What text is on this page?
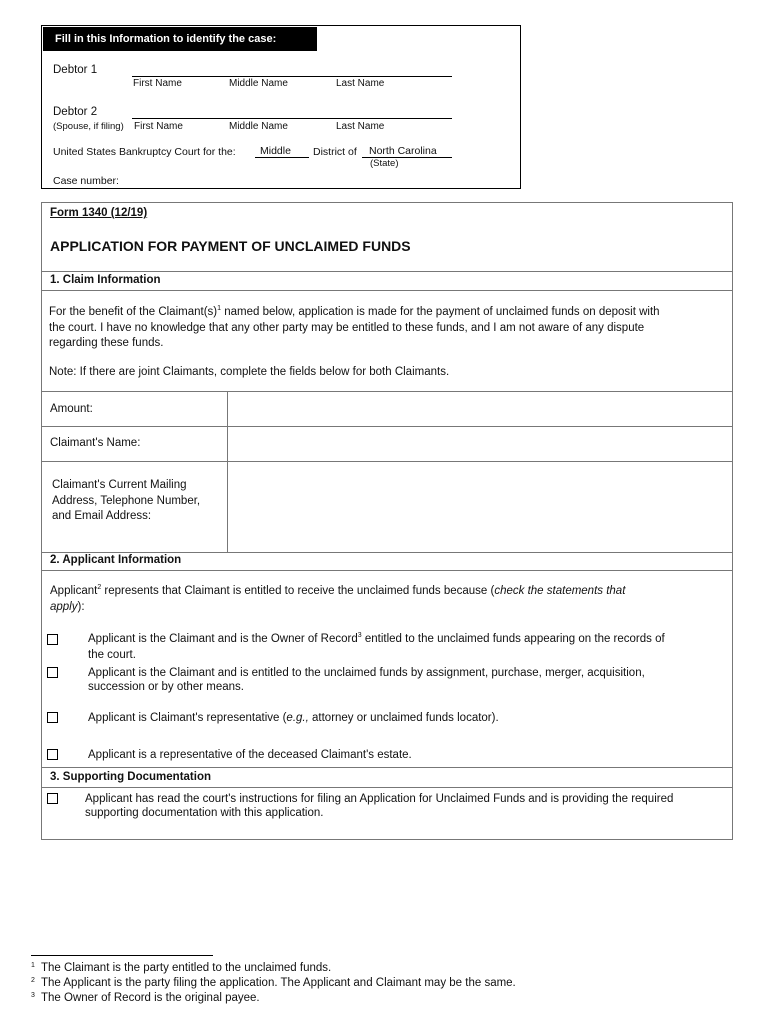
Fill in this Information to identify the case:
Debtor 1
First Name	Middle Name	Last Name
Debtor 2
(Spouse, if filing) First Name	Middle Name	Last Name
United States Bankruptcy Court for the: Middle District of North Carolina
(State)
Case number:
Form 1340 (12/19)
APPLICATION FOR PAYMENT OF UNCLAIMED FUNDS
1. Claim Information
For the benefit of the $Claimant(s)^1$ named below, application is made for the payment of unclaimed funds on deposit with
the court. I have no knowledge that any other party may be entitled to these funds, and I am not aware of any dispute
regarding these funds.
Note: If there are joint Claimants, complete the fields below for both Claimants.
Amount:
Claimant's Name:
Claimant's Current Mailing
Address, Telephone Number,
and Email Address:
2. Applicant Information
Applicant$^2$ represents that Claimant is entitled to receive the unclaimed funds because (check the statements that
apply):
Applicant is the Claimant and is the Owner of Record$^3$ entitled to the unclaimed funds appearing on the records of
the court.
Applicant is the Claimant and is entitled to the unclaimed funds by assignment, purchase, merger, acquisition,
succession or by other means.
Applicant is Claimant's representative (e.g., attorney or unclaimed funds locator).
Applicant is a representative of the deceased Claimant's estate.
3. Supporting Documentation
Applicant has read the court's instructions for filing an Application for Unclaimed Funds and is providing the required
supporting documentation with this application.
1 The Claimant is the party entitled to the unclaimed funds.
2 The Applicant is the party filing the application. The Applicant and Claimant may be the same.
3 The Owner of Record is the original payee.
